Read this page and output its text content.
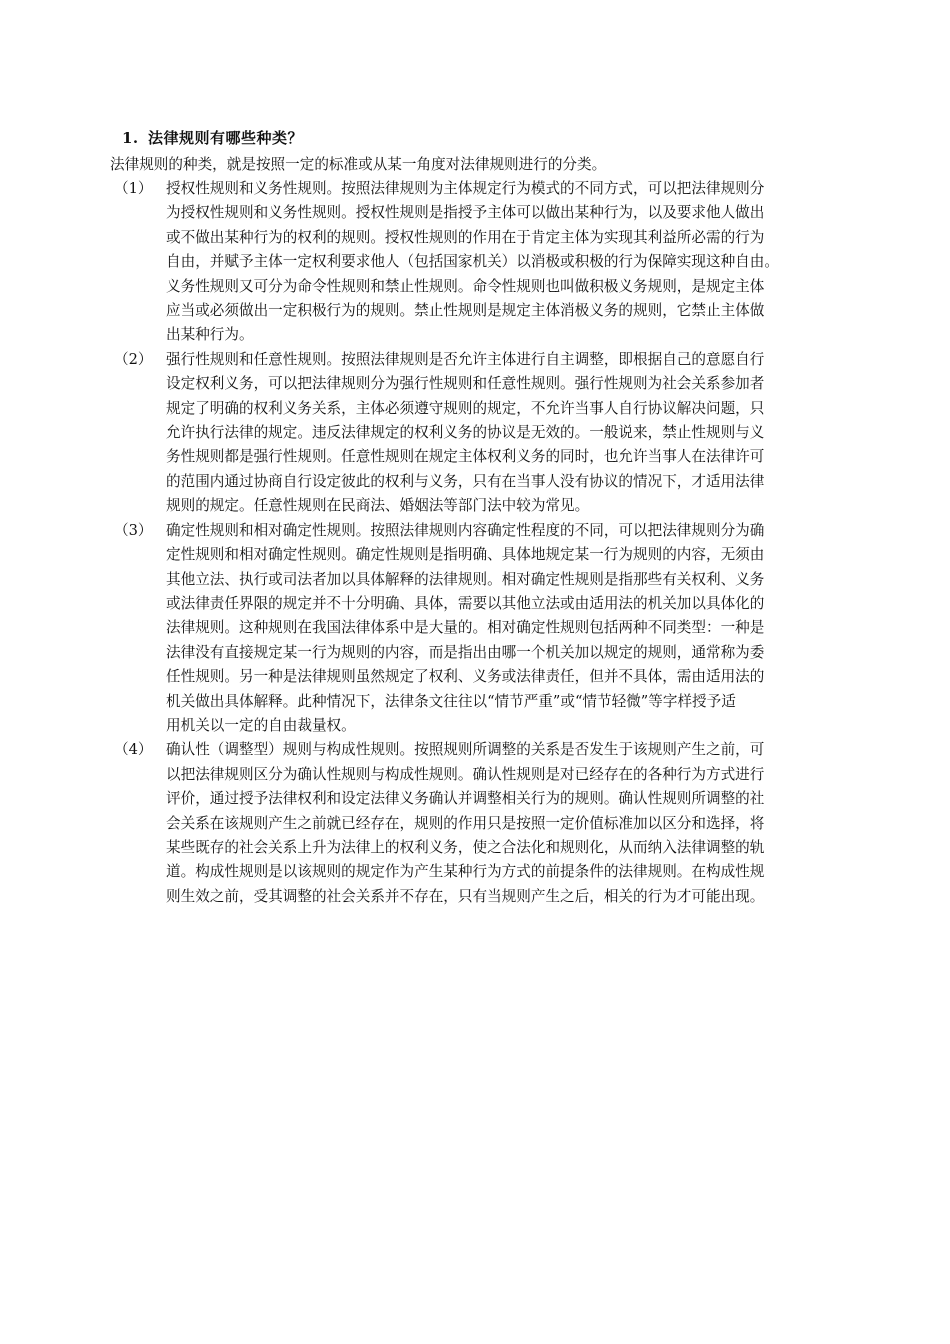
1. 法律规则有哪些种类？
法律规则的种类，就是按照一定的标准或从某一角度对法律规则进行的分类。
（1） 授权性规则和义务性规则。按照法律规则为主体规定行为模式的不同方式，可以把法律规则分
为授权性规则和义务性规则。授权性规则是指授予主体可以做出某种行为，以及要求他人做出
或不做出某种行为的权利的规则。授权性规则的作用在于肯定主体为实现其利益所必需的行为
自由，并赋予主体一定权利要求他人（包括国家机关）以消极或积极的行为保障实现这种自由。
义务性规则又可分为命令性规则和禁止性规则。命令性规则也叫做积极义务规则，是规定主体
应当或必须做出一定积极行为的规则。禁止性规则是规定主体消极义务的规则，它禁止主体做
出某种行为。
（2） 强行性规则和任意性规则。按照法律规则是否允许主体进行自主调整，即根据自己的意愿自行
设定权利义务，可以把法律规则分为强行性规则和任意性规则。强行性规则为社会关系参加者
规定了明确的权利义务关系，主体必须遵守规则的规定，不允许当事人自行协议解决问题，只
允许执行法律的规定。违反法律规定的权利义务的协议是无效的。一般说来，禁止性规则与义
务性规则都是强行性规则。任意性规则在规定主体权利义务的同时，也允许当事人在法律许可
的范围内通过协商自行设定彼此的权利与义务，只有在当事人没有协议的情况下，才适用法律
规则的规定。任意性规则在民商法、婚姻法等部门法中较为常见。
（3） 确定性规则和相对确定性规则。按照法律规则内容确定性程度的不同，可以把法律规则分为确
定性规则和相对确定性规则。确定性规则是指明确、具体地规定某一行为规则的内容，无须由
其他立法、执行或司法者加以具体解释的法律规则。相对确定性规则是指那些有关权利、义务
或法律责任界限的规定并不十分明确、具体，需要以其他立法或由适用法的机关加以具体化的
法律规则。这种规则在我国法律体系中是大量的。相对确定性规则包括两种不同类型：一种是
法律没有直接规定某一行为规则的内容，而是指出由哪一个机关加以规定的规则，通常称为委
任性规则。另一种是法律规则虽然规定了权利、义务或法律责任，但并不具体，需由适用法的
机关做出具体解释。此种情况下，法律条文往往以“情节严重”或“情节轻微”等字样授予适
用机关以一定的自由裁量权。
（4） 确认性（调整型）规则与构成性规则。按照规则所调整的关系是否发生于该规则产生之前，可
以把法律规则区分为确认性规则与构成性规则。确认性规则是对已经存在的各种行为方式进行
评价，通过授予法律权利和设定法律义务确认并调整相关行为的规则。确认性规则所调整的社
会关系在该规则产生之前就已经存在，规则的作用只是按照一定价值标准加以区分和选择，将
某些既存的社会关系上升为法律上的权利义务，使之合法化和规则化，从而纳入法律调整的轨
道。构成性规则是以该规则的规定作为产生某种行为方式的前提条件的法律规则。在构成性规
则生效之前，受其调整的社会关系并不存在，只有当规则产生之后，相关的行为才可能出现。
